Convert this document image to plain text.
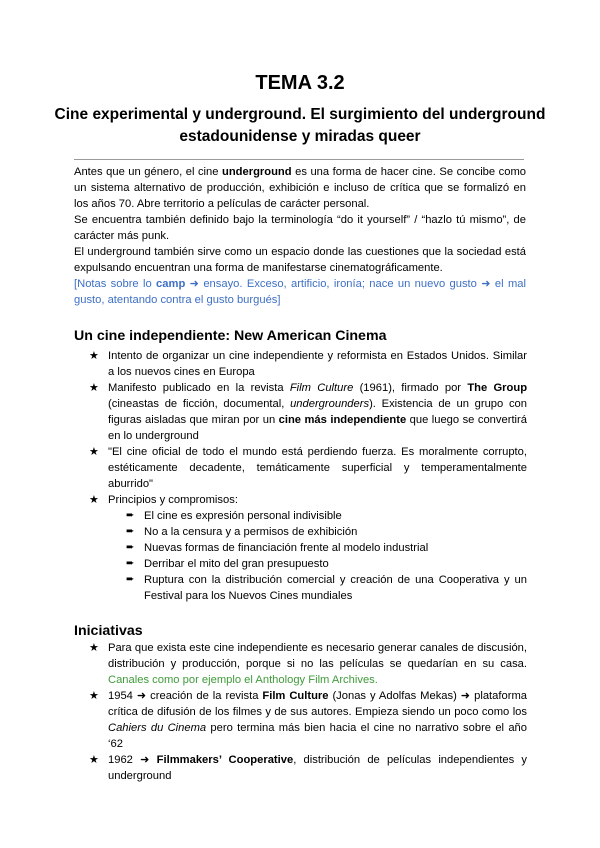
TEMA 3.2
Cine experimental y underground. El surgimiento del underground estadounidense y miradas queer

Antes que un género, el cine underground es una forma de hacer cine. Se concibe como un sistema alternativo de producción, exhibición e incluso de crítica que se formalizó en los años 70. Abre territorio a películas de carácter personal.

Se encuentra también definido bajo la terminología “do it yourself” / “hazlo tú mismo”, de carácter más punk.

El underground también sirve como un espacio donde las cuestiones que la sociedad está expulsando encuentran una forma de manifestarse cinematográficamente.

[Notas sobre lo camp ➜ ensayo. Exceso, artificio, ironía; nace un nuevo gusto ➜ el mal gusto, atentando contra el gusto burgués]

Un cine independiente: New American Cinema
★ Intento de organizar un cine independiente y reformista en Estados Unidos. Similar a los nuevos cines en Europa
★ Manifesto publicado en la revista Film Culture (1961), firmado por The Group (cineastas de ficción, documental, undergrounders). Existencia de un grupo con figuras aisladas que miran por un cine más independiente que luego se convertirá en lo underground
★ "El cine oficial de todo el mundo está perdiendo fuerza. Es moralmente corrupto, estéticamente decadente, temáticamente superficial y temperamentalmente aburrido"
★ Principios y compromisos:
➨ El cine es expresión personal indivisible
➨ No a la censura y a permisos de exhibición
➨ Nuevas formas de financiación frente al modelo industrial
➨ Derribar el mito del gran presupuesto
➨ Ruptura con la distribución comercial y creación de una Cooperativa y un Festival para los Nuevos Cines mundiales
Iniciativas
★ Para que exista este cine independiente es necesario generar canales de discusión, distribución y producción, porque si no las películas se quedarían en su casa. Canales como por ejemplo el Anthology Film Archives.
★ 1954 ➜ creación de la revista Film Culture (Jonas y Adolfas Mekas) ➜ plataforma crítica de difusión de los filmes y de sus autores. Empieza siendo un poco como los Cahiers du Cinema pero termina más bien hacia el cine no narrativo sobre el año ‘62
★ 1962 ➜ Filmmakers’ Cooperative, distribución de películas independientes y underground
